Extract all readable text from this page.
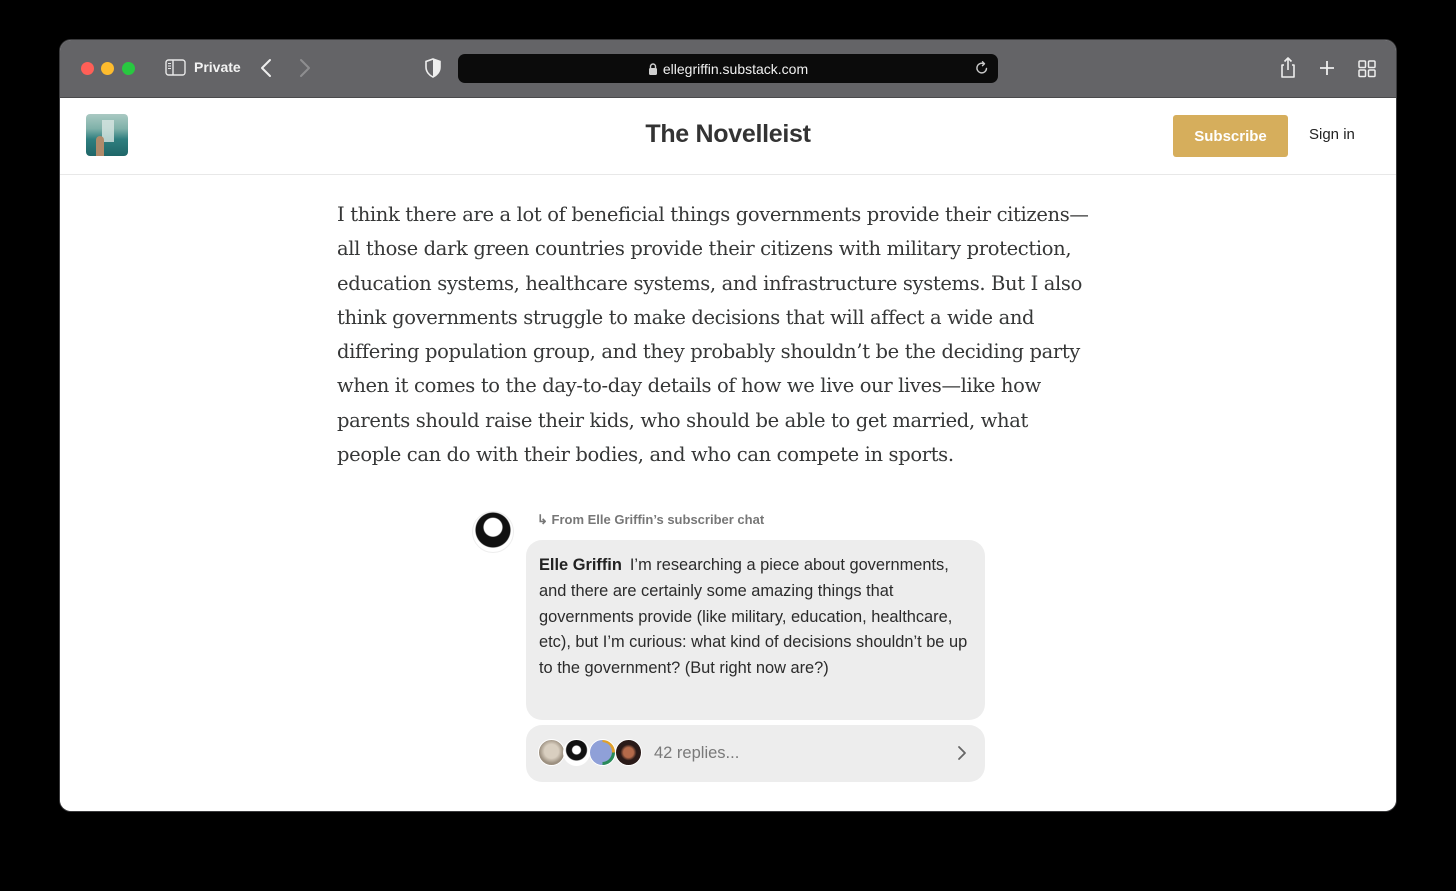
Private	ellegriffin.substack.com
The Novelleist	Subscribe	Sign in
I think there are a lot of beneficial things governments provide their citizens—
all those dark green countries provide their citizens with military protection,
education systems, healthcare systems, and infrastructure systems. But I also
think governments struggle to make decisions that will affect a wide and
differing population group, and they probably shouldn’t be the deciding party
when it comes to the day-to-day details of how we live our lives—like how
parents should raise their kids, who should be able to get married, what
people can do with their bodies, and who can compete in sports.
↳ From Elle Griffin’s subscriber chat
Elle Griffin I’m researching a piece about governments, and there are certainly some amazing things that governments provide (like military, education, healthcare, etc), but I’m curious: what kind of decisions shouldn’t be up to the government? (But right now are?)
42 replies...
